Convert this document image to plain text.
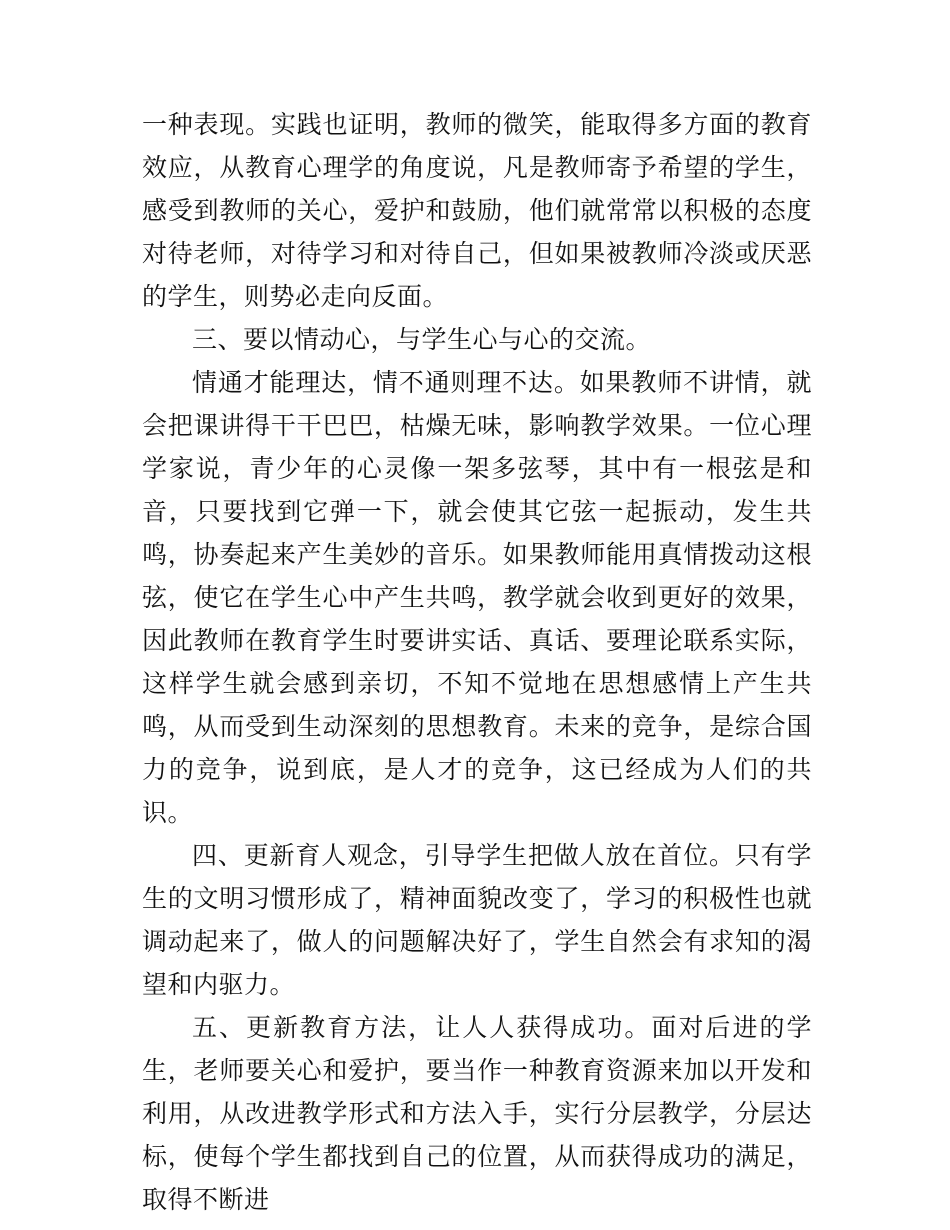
一种表现。实践也证明，教师的微笑，能取得多方面的教育效应，从教育心理学的角度说，凡是教师寄予希望的学生，感受到教师的关心，爱护和鼓励，他们就常常以积极的态度对待老师，对待学习和对待自己，但如果被教师冷淡或厌恶的学生，则势必走向反面。

三、要以情动心，与学生心与心的交流。

情通才能理达，情不通则理不达。如果教师不讲情，就会把课讲得干干巴巴，枯燥无味，影响教学效果。一位心理学家说，青少年的心灵像一架多弦琴，其中有一根弦是和音，只要找到它弹一下，就会使其它弦一起振动，发生共鸣，协奏起来产生美妙的音乐。如果教师能用真情拨动这根弦，使它在学生心中产生共鸣，教学就会收到更好的效果，因此教师在教育学生时要讲实话、真话、要理论联系实际，这样学生就会感到亲切，不知不觉地在思想感情上产生共鸣，从而受到生动深刻的思想教育。未来的竞争，是综合国力的竞争，说到底，是人才的竞争，这已经成为人们的共识。

四、更新育人观念，引导学生把做人放在首位。只有学生的文明习惯形成了，精神面貌改变了，学习的积极性也就调动起来了，做人的问题解决好了，学生自然会有求知的渴望和内驱力。

五、更新教育方法，让人人获得成功。面对后进的学生，老师要关心和爱护，要当作一种教育资源来加以开发和利用，从改进教学形式和方法入手，实行分层教学，分层达标，使每个学生都找到自己的位置，从而获得成功的满足，取得不断进
